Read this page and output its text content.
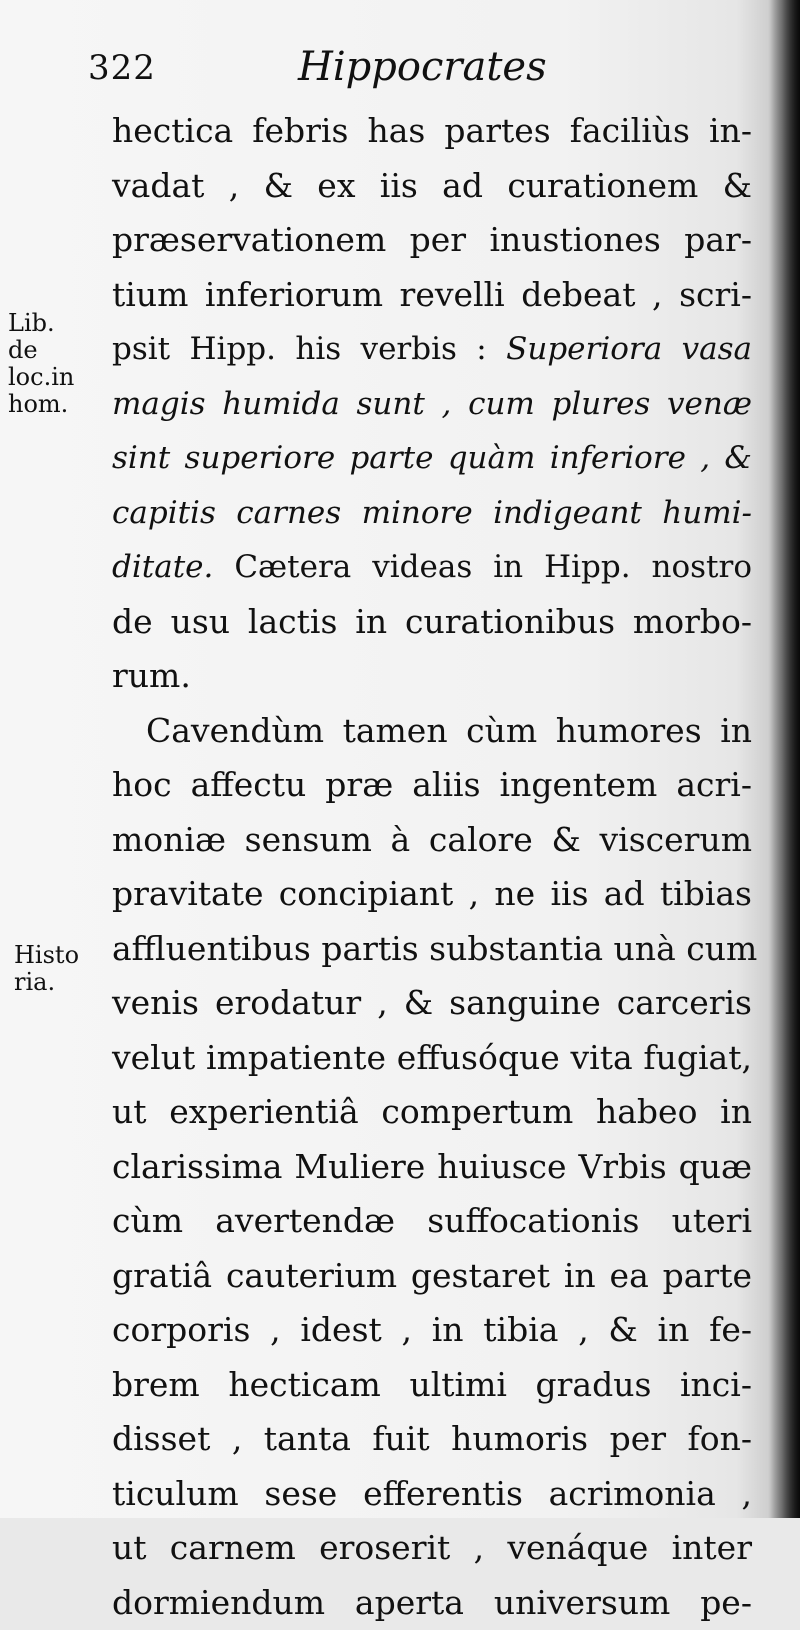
322	Hippocrates
Lib.
de
loc.in
hom.
Histo
ria.
hectica febris has partes faciliùs in-
vadat , & ex iis ad curationem &
præservationem per inustiones par-
tium inferiorum revelli debeat , scri-
psit Hipp. his verbis : Superiora vasa
magis humida sunt , cum plures venæ
sint superiore parte quàm inferiore , &
capitis carnes minore indigeant humi-
ditate. Cætera videas in Hipp. nostro
de usu lactis in curationibus morbo-
rum.
Cavendùm tamen cùm humores in
hoc affectu præ aliis ingentem acri-
moniæ sensum à calore & viscerum
pravitate concipiant , ne iis ad tibias
affluentibus partis substantia unà cum
venis erodatur , & sanguine carceris
velut impatiente effusóque vita fugiat,
ut experientiâ compertum habeo in
clarissima Muliere huiusce Vrbis quæ
cùm avertendæ suffocationis uteri
gratiâ cauterium gestaret in ea parte
corporis , idest , in tibia , & in fe-
brem hecticam ultimi gradus inci-
disset , tanta fuit humoris per fon-
ticulum sese efferentis acrimonia ,
ut carnem eroserit , venáque inter
dormiendum aperta universum pe-
